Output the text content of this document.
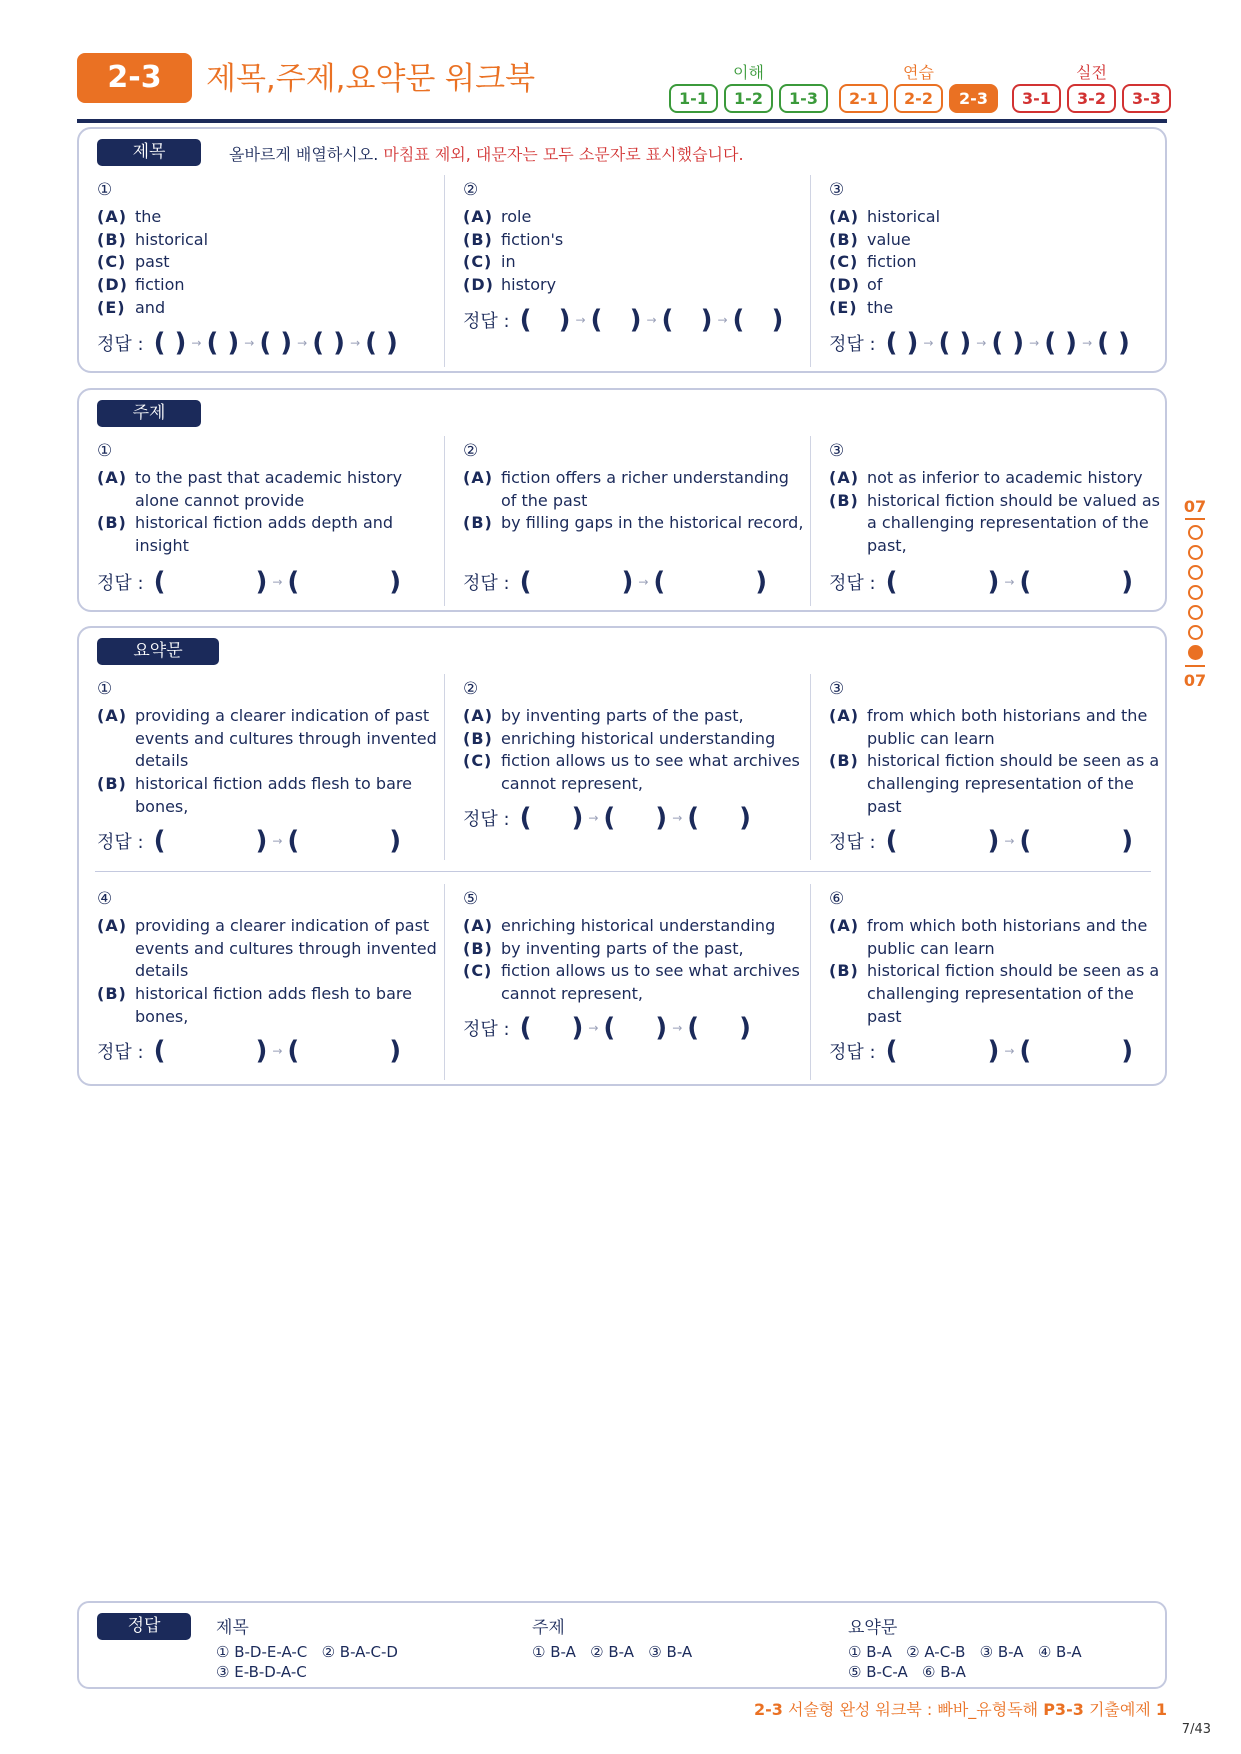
2-3	제목,주제,요약문 워크북	이해
1-1	1-2	1-3
연습
2-1	2-2	2-3
실전
3-1	3-2	3-3
제목	올바르게 배열하시오. 마침표 제외, 대문자는 모두 소문자로 표시했습니다.
①
(A) the
(B) historical
(C) past
(D) fiction
(E) and
정답 : ( ) → ( ) → ( ) → ( ) → ( )
②
(A) role
(B) fiction's
(C) in
(D) history
정답 : (   ) → (   ) → (   ) → (   )
③
(A) historical
(B) value
(C) fiction
(D) of
(E) the
정답 : ( ) → ( ) → ( ) → ( ) → ( )
주제
①
(A) to the past that academic history alone cannot provide
(B) historical fiction adds depth and insight
정답 : (	) → (	)
②
(A) fiction offers a richer understanding of the past
(B) by filling gaps in the historical record,
정답 : (	) → (	)
③
(A) not as inferior to academic history
(B) historical fiction should be valued as a challenging representation of the past,
정답 : (	) → (	)
요약문
①
(A) providing a clearer indication of past events and cultures through invented details
(B) historical fiction adds flesh to bare bones,
정답 : (	) → (	)
②
(A) by inventing parts of the past,
(B) enriching historical understanding
(C) fiction allows us to see what archives cannot represent,
정답 : ( ) → ( ) → ( )
③
(A) from which both historians and the public can learn
(B) historical fiction should be seen as a challenging representation of the past
정답 : (	) → (	)
④
(A) providing a clearer indication of past events and cultures through invented details
(B) historical fiction adds flesh to bare bones,
정답 : (	) → (	)
⑤
(A) enriching historical understanding
(B) by inventing parts of the past,
(C) fiction allows us to see what archives cannot represent,
정답 : ( ) → ( ) → ( )
⑥
(A) from which both historians and the public can learn
(B) historical fiction should be seen as a challenging representation of the past
정답 : (	) → (	)
07
07
정답	제목
① B-D-E-A-C   ② B-A-C-D
③ E-B-D-A-C
주제
① B-A   ② B-A   ③ B-A
요약문
① B-A   ② A-C-B   ③ B-A   ④ B-A
⑤ B-C-A   ⑥ B-A
2-3 서술형 완성 워크북 : 빠바_유형독해 P3-3 기출예제 1
7/43
